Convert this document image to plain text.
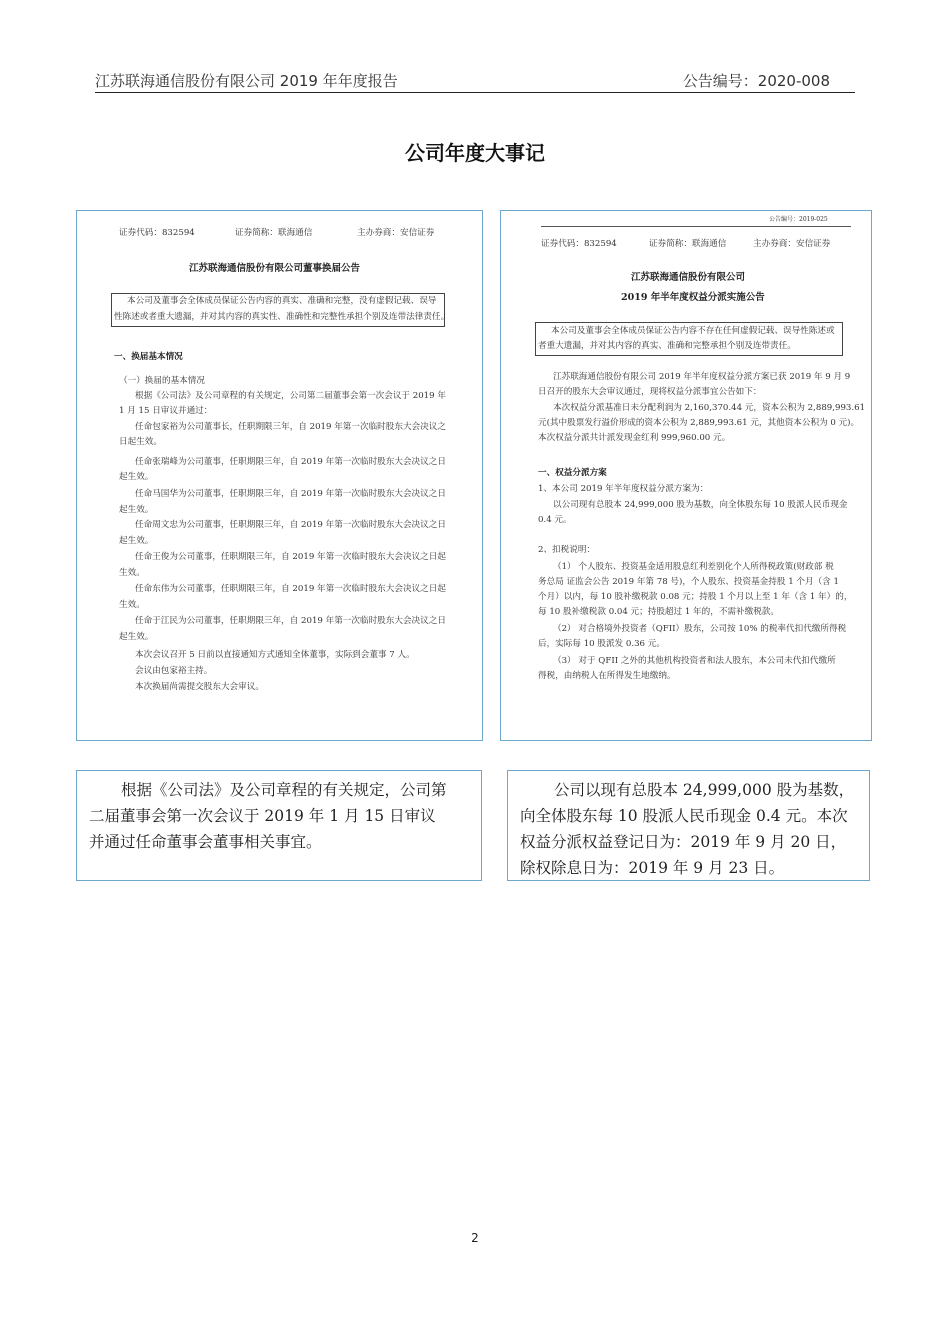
江苏联海通信股份有限公司 2019 年年度报告	公告编号：2020-008
公司年度大事记
证券代码：832594	证券简称：联海通信	主办券商：安信证券
江苏联海通信股份有限公司董事换届公告
本公司及董事会全体成员保证公告内容的真实、准确和完整，没有虚假记载、误导
性陈述或者重大遗漏，并对其内容的真实性、准确性和完整性承担个别及连带法律责任。
一、换届基本情况
（一）换届的基本情况
根据《公司法》及公司章程的有关规定，公司第二届董事会第一次会议于 2019 年
1 月 15 日审议并通过：
任命包家裕为公司董事长，任职期限三年，自 2019 年第一次临时股东大会决议之
日起生效。
任命张瑞峰为公司董事，任职期限三年，自 2019 年第一次临时股东大会决议之日
起生效。
任命马国华为公司董事，任职期限三年，自 2019 年第一次临时股东大会决议之日
起生效。
任命周文忠为公司董事，任职期限三年，自 2019 年第一次临时股东大会决议之日
起生效。
任命王俊为公司董事，任职期限三年，自 2019 年第一次临时股东大会决议之日起
生效。
任命东伟为公司董事，任职期限三年，自 2019 年第一次临时股东大会决议之日起
生效。
任命于江民为公司董事，任职期限三年，自 2019 年第一次临时股东大会决议之日
起生效。
本次会议召开 5 日前以直接通知方式通知全体董事，实际到会董事 7 人。
会议由包家裕主持。
本次换届尚需提交股东大会审议。
公告编号：2019-025
证券代码：832594	证券简称：联海通信	主办券商：安信证券
江苏联海通信股份有限公司
2019 年半年度权益分派实施公告
本公司及董事会全体成员保证公告内容不存在任何虚假记载、误导性陈述或
者重大遗漏，并对其内容的真实、准确和完整承担个别及连带责任。
江苏联海通信股份有限公司 2019 年半年度权益分派方案已获 2019 年 9 月 9
日召开的股东大会审议通过，现将权益分派事宜公告如下：
本次权益分派基准日未分配利润为 2,160,370.44 元，资本公积为 2,889,993.61
元(其中股票发行溢价形成的资本公积为 2,889,993.61 元，其他资本公积为 0 元)。
本次权益分派共计派发现金红利 999,960.00 元。
一、权益分派方案
1、本公司 2019 年半年度权益分派方案为：
以公司现有总股本 24,999,000 股为基数，向全体股东每 10 股派人民币现金
0.4 元。
2、扣税说明：
（1） 个人股东、投资基金适用股息红利差别化个人所得税政策(财政部 税
务总局 证监会公告 2019 年第 78 号)，个人股东、投资基金持股 1 个月（含 1
个月）以内，每 10 股补缴税款 0.08 元；持股 1 个月以上至 1 年（含 1 年）的，
每 10 股补缴税款 0.04 元；持股超过 1 年的，不需补缴税款。
（2） 对合格境外投资者（QFII）股东，公司按 10% 的税率代扣代缴所得税
后，实际每 10 股派发 0.36 元。
（3） 对于 QFII 之外的其他机构投资者和法人股东，本公司未代扣代缴所
得税，由纳税人在所得发生地缴纳。
根据《公司法》及公司章程的有关规定，公司第
二届董事会第一次会议于 2019 年 1 月 15 日审议
并通过任命董事会董事相关事宜。
公司以现有总股本 24,999,000 股为基数，
向全体股东每 10 股派人民币现金 0.4 元。本次
权益分派权益登记日为：2019 年 9 月 20 日，
除权除息日为：2019 年 9 月 23 日。
2
